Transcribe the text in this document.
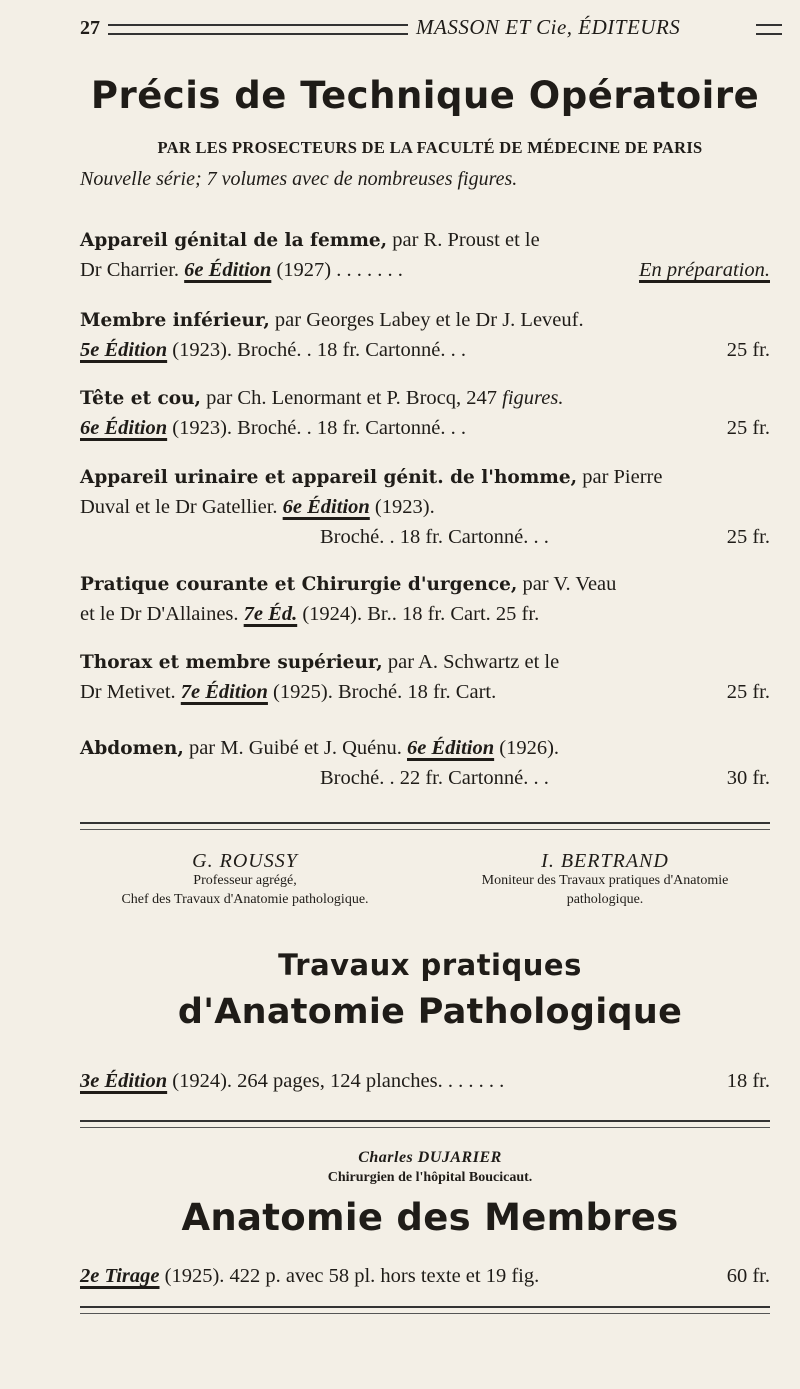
27	MASSON ET Cie, ÉDITEURS
Précis de Technique Opératoire
PAR LES PROSECTEURS DE LA FACULTÉ DE MÉDECINE DE PARIS
Nouvelle série; 7 volumes avec de nombreuses figures.
Appareil génital de la femme, par R. Proust et le
Dr Charrier. 6e Édition (1927) . . . . . . .	En préparation.
Membre inférieur, par Georges Labey et le Dr J. Leveuf.
5e Édition (1923). Broché. . 18 fr. Cartonné. . .	25 fr.
Tête et cou, par Ch. Lenormant et P. Brocq, 247 figures.
6e Édition (1923). Broché. . 18 fr. Cartonné. . .	25 fr.
Appareil urinaire et appareil génit. de l'homme, par Pierre
Duval et le Dr Gatellier. 6e Édition (1923).
Broché. . 18 fr. Cartonné. . .	25 fr.
Pratique courante et Chirurgie d'urgence, par V. Veau
et le Dr D'Allaines. 7e Éd. (1924). Br.. 18 fr. Cart. 25 fr.
Thorax et membre supérieur, par A. Schwartz et le
Dr Metivet. 7e Édition (1925). Broché. 18 fr. Cart.	25 fr.
Abdomen, par M. Guibé et J. Quénu. 6e Édition (1926).
Broché. . 22 fr. Cartonné. . .	30 fr.
G. ROUSSY
Professeur agrégé,
Chef des Travaux d'Anatomie pathologique.
I. BERTRAND
Moniteur des Travaux pratiques d'Anatomie
pathologique.
Travaux pratiques
d'Anatomie Pathologique
3e Édition (1924). 264 pages, 124 planches. . . . . . .	18 fr.
Charles DUJARIER
Chirurgien de l'hôpital Boucicaut.
Anatomie des Membres
2e Tirage (1925). 422 p. avec 58 pl. hors texte et 19 fig.	60 fr.
